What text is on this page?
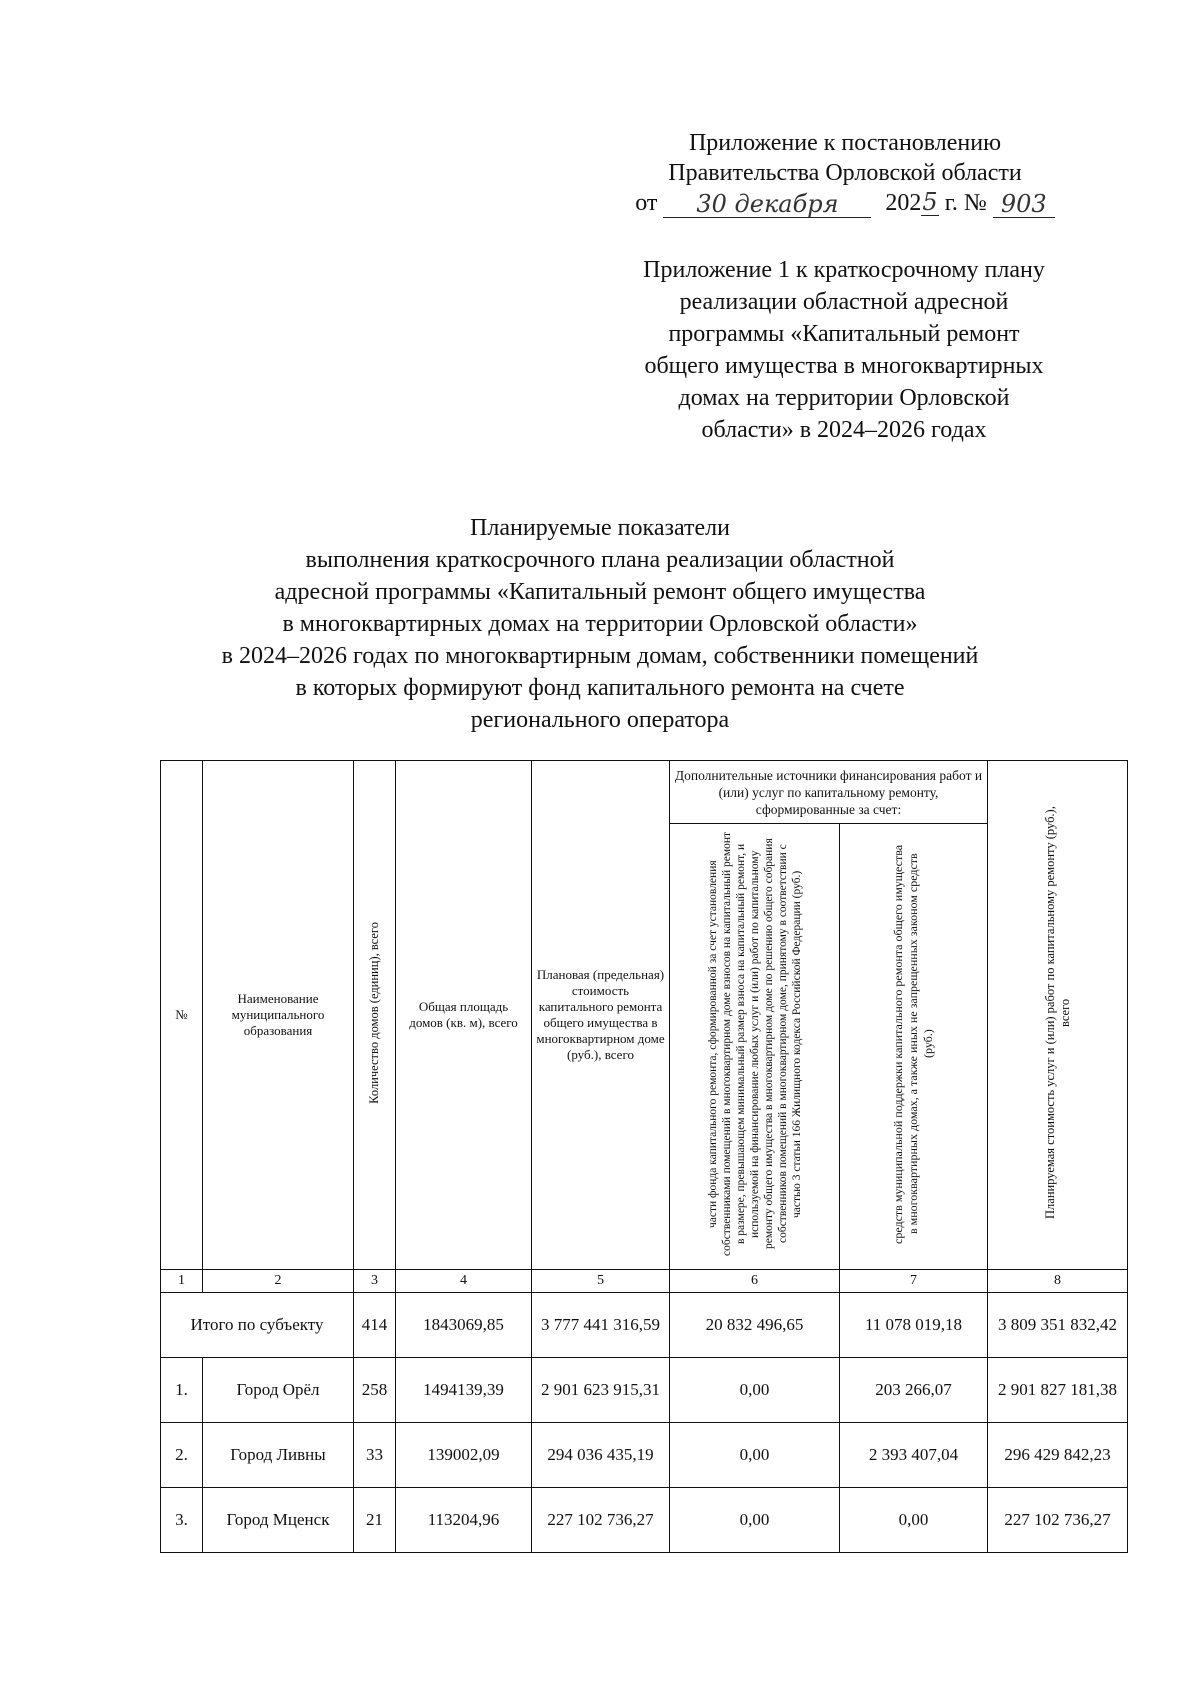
Приложение к постановлению
Правительства Орловской области
от	30 декабря	2025 г. № 903
Приложение 1 к краткосрочному плану
реализации областной адресной
программы «Капитальный ремонт
общего имущества в многоквартирных
домах на территории Орловской
области» в 2024–2026 годах
Планируемые показатели
выполнения краткосрочного плана реализации областной
адресной программы «Капитальный ремонт общего имущества
в многоквартирных домах на территории Орловской области»
в 2024–2026 годах по многоквартирным домам, собственники помещений
в которых формируют фонд капитального ремонта на счете
регионального оператора
№	Наименование муниципального образования	Количество домов (единиц), всего	Общая площадь домов (кв. м), всего	Плановая (предельная) стоимость капитального ремонта общего имущества в многоквартирном доме (руб.), всего	Дополнительные источники финансирования работ и (или) услуг по капитальному ремонту, сформированные за счет:		Планируемая стоимость услуг и (или) работ по капитальному ремонту (руб.), всего
					части фонда капитального ремонта, сформированной за счет установления собственниками помещений в многоквартирном доме взносов на капитальный ремонт в размере, превышающем минимальный размер взноса на капитальный ремонт, и используемой на финансирование любых услуг и (или) работ по капитальному ремонту общего имущества в многоквартирном доме по решению общего собрания собственников помещений в многоквартирном доме, принятому в соответствии с частью 3 статьи 166 Жилищного кодекса Российской Федерации (руб.)	средств муниципальной поддержки капитального ремонта общего имущества в многоквартирных домах, а также иных не запрещенных законом средств (руб.)	
1	2	3	4	5	6	7	8
Итого по субъекту		414	1843069,85	3 777 441 316,59	20 832 496,65	11 078 019,18	3 809 351 832,42
1.	Город Орёл	258	1494139,39	2 901 623 915,31	0,00	203 266,07	2 901 827 181,38
2.	Город Ливны	33	139002,09	294 036 435,19	0,00	2 393 407,04	296 429 842,23
3.	Город Мценск	21	113204,96	227 102 736,27	0,00	0,00	227 102 736,27
